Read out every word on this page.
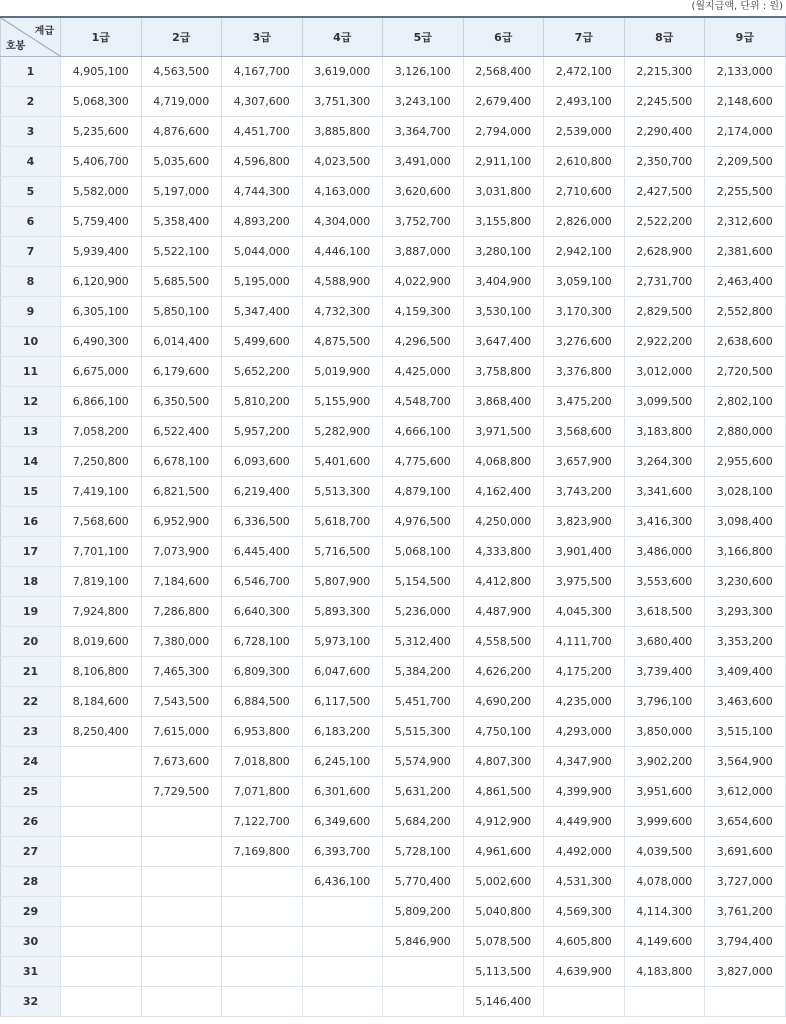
(월지급액, 단위 : 원)
계급
호봉	1급	2급	3급	4급	5급	6급	7급	8급	9급
1	4,905,100	4,563,500	4,167,700	3,619,000	3,126,100	2,568,400	2,472,100	2,215,300	2,133,000
2	5,068,300	4,719,000	4,307,600	3,751,300	3,243,100	2,679,400	2,493,100	2,245,500	2,148,600
3	5,235,600	4,876,600	4,451,700	3,885,800	3,364,700	2,794,000	2,539,000	2,290,400	2,174,000
4	5,406,700	5,035,600	4,596,800	4,023,500	3,491,000	2,911,100	2,610,800	2,350,700	2,209,500
5	5,582,000	5,197,000	4,744,300	4,163,000	3,620,600	3,031,800	2,710,600	2,427,500	2,255,500
6	5,759,400	5,358,400	4,893,200	4,304,000	3,752,700	3,155,800	2,826,000	2,522,200	2,312,600
7	5,939,400	5,522,100	5,044,000	4,446,100	3,887,000	3,280,100	2,942,100	2,628,900	2,381,600
8	6,120,900	5,685,500	5,195,000	4,588,900	4,022,900	3,404,900	3,059,100	2,731,700	2,463,400
9	6,305,100	5,850,100	5,347,400	4,732,300	4,159,300	3,530,100	3,170,300	2,829,500	2,552,800
10	6,490,300	6,014,400	5,499,600	4,875,500	4,296,500	3,647,400	3,276,600	2,922,200	2,638,600
11	6,675,000	6,179,600	5,652,200	5,019,900	4,425,000	3,758,800	3,376,800	3,012,000	2,720,500
12	6,866,100	6,350,500	5,810,200	5,155,900	4,548,700	3,868,400	3,475,200	3,099,500	2,802,100
13	7,058,200	6,522,400	5,957,200	5,282,900	4,666,100	3,971,500	3,568,600	3,183,800	2,880,000
14	7,250,800	6,678,100	6,093,600	5,401,600	4,775,600	4,068,800	3,657,900	3,264,300	2,955,600
15	7,419,100	6,821,500	6,219,400	5,513,300	4,879,100	4,162,400	3,743,200	3,341,600	3,028,100
16	7,568,600	6,952,900	6,336,500	5,618,700	4,976,500	4,250,000	3,823,900	3,416,300	3,098,400
17	7,701,100	7,073,900	6,445,400	5,716,500	5,068,100	4,333,800	3,901,400	3,486,000	3,166,800
18	7,819,100	7,184,600	6,546,700	5,807,900	5,154,500	4,412,800	3,975,500	3,553,600	3,230,600
19	7,924,800	7,286,800	6,640,300	5,893,300	5,236,000	4,487,900	4,045,300	3,618,500	3,293,300
20	8,019,600	7,380,000	6,728,100	5,973,100	5,312,400	4,558,500	4,111,700	3,680,400	3,353,200
21	8,106,800	7,465,300	6,809,300	6,047,600	5,384,200	4,626,200	4,175,200	3,739,400	3,409,400
22	8,184,600	7,543,500	6,884,500	6,117,500	5,451,700	4,690,200	4,235,000	3,796,100	3,463,600
23	8,250,400	7,615,000	6,953,800	6,183,200	5,515,300	4,750,100	4,293,000	3,850,000	3,515,100
24		7,673,600	7,018,800	6,245,100	5,574,900	4,807,300	4,347,900	3,902,200	3,564,900
25		7,729,500	7,071,800	6,301,600	5,631,200	4,861,500	4,399,900	3,951,600	3,612,000
26			7,122,700	6,349,600	5,684,200	4,912,900	4,449,900	3,999,600	3,654,600
27			7,169,800	6,393,700	5,728,100	4,961,600	4,492,000	4,039,500	3,691,600
28				6,436,100	5,770,400	5,002,600	4,531,300	4,078,000	3,727,000
29					5,809,200	5,040,800	4,569,300	4,114,300	3,761,200
30					5,846,900	5,078,500	4,605,800	4,149,600	3,794,400
31						5,113,500	4,639,900	4,183,800	3,827,000
32						5,146,400			
